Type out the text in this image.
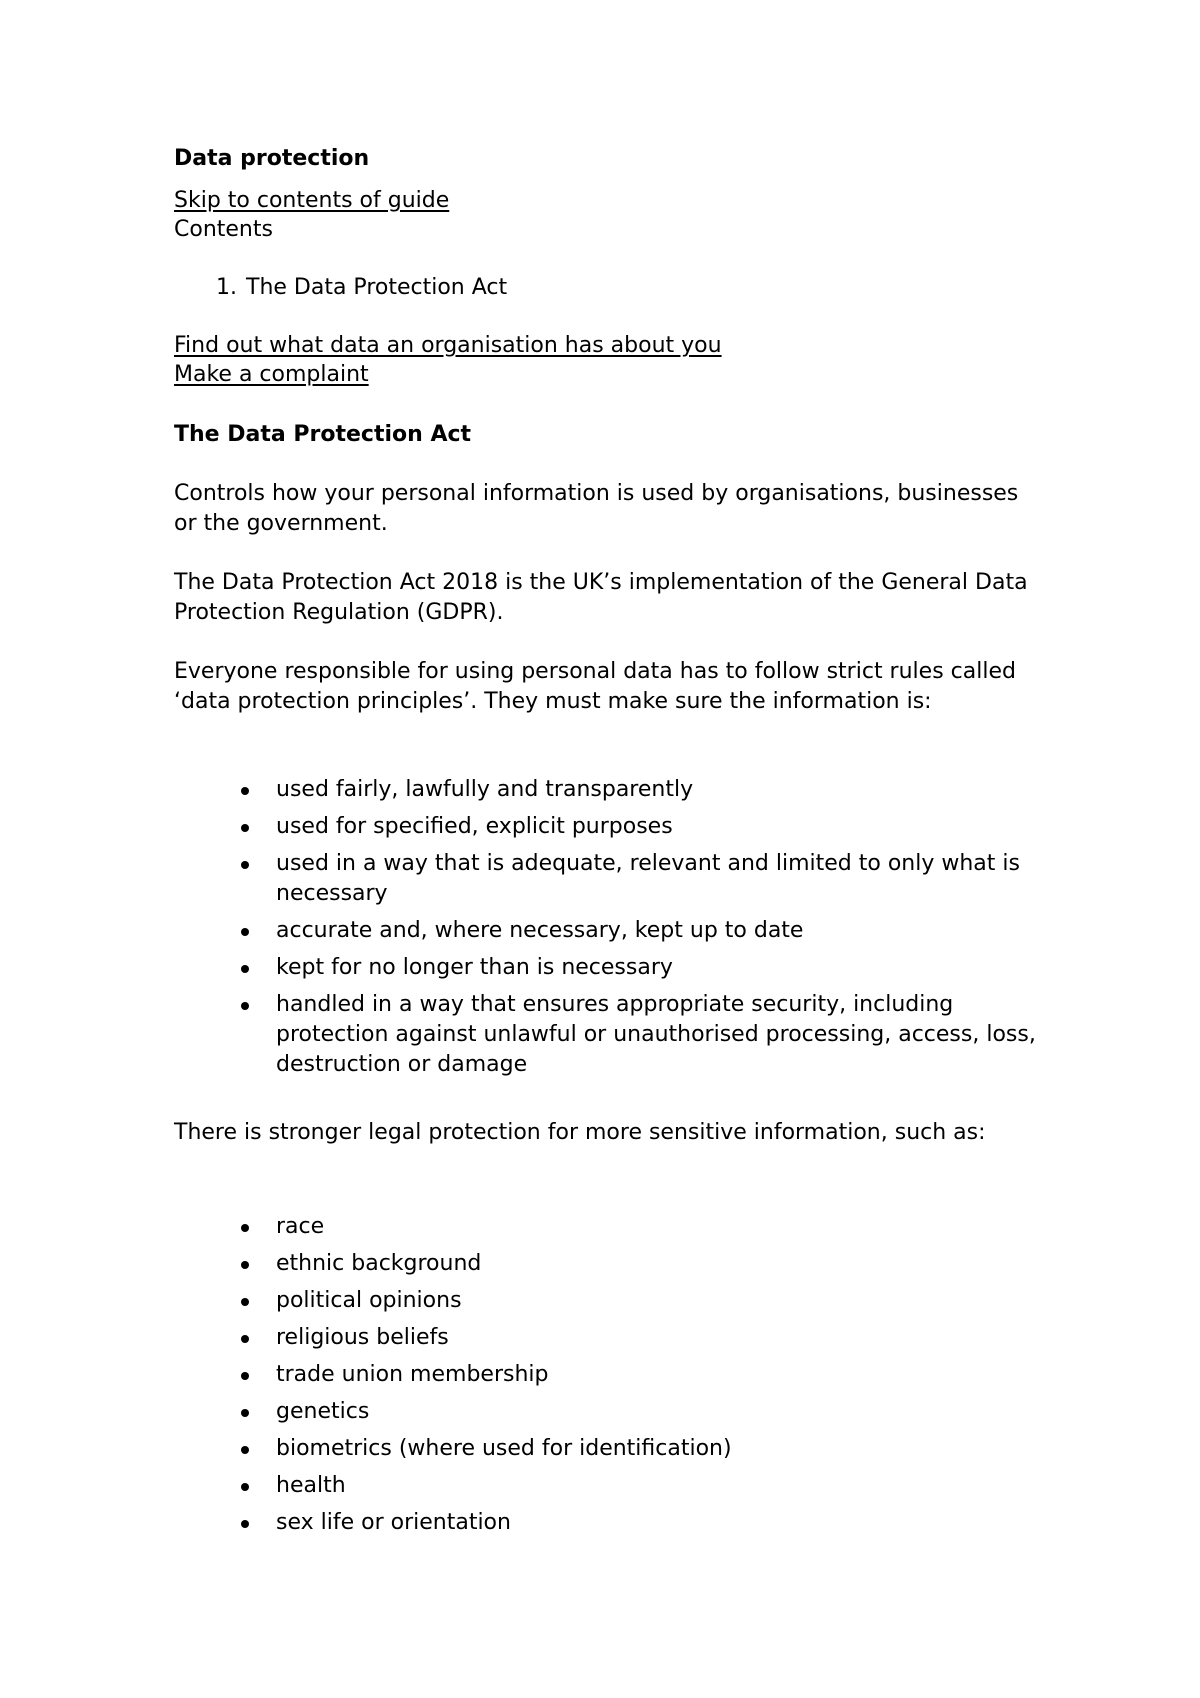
Data protection
Skip to contents of guide
Contents
1. The Data Protection Act
Find out what data an organisation has about you
Make a complaint
The Data Protection Act

Controls how your personal information is used by organisations, businesses or the government.

The Data Protection Act 2018 is the UK’s implementation of the General Data Protection Regulation (GDPR).

Everyone responsible for using personal data has to follow strict rules called ‘data protection principles’. They must make sure the information is:

used fairly, lawfully and transparently
used for specified, explicit purposes
used in a way that is adequate, relevant and limited to only what is necessary
accurate and, where necessary, kept up to date
kept for no longer than is necessary
handled in a way that ensures appropriate security, including protection against unlawful or unauthorised processing, access, loss, destruction or damage

There is stronger legal protection for more sensitive information, such as:

race
ethnic background
political opinions
religious beliefs
trade union membership
genetics
biometrics (where used for identification)
health
sex life or orientation
